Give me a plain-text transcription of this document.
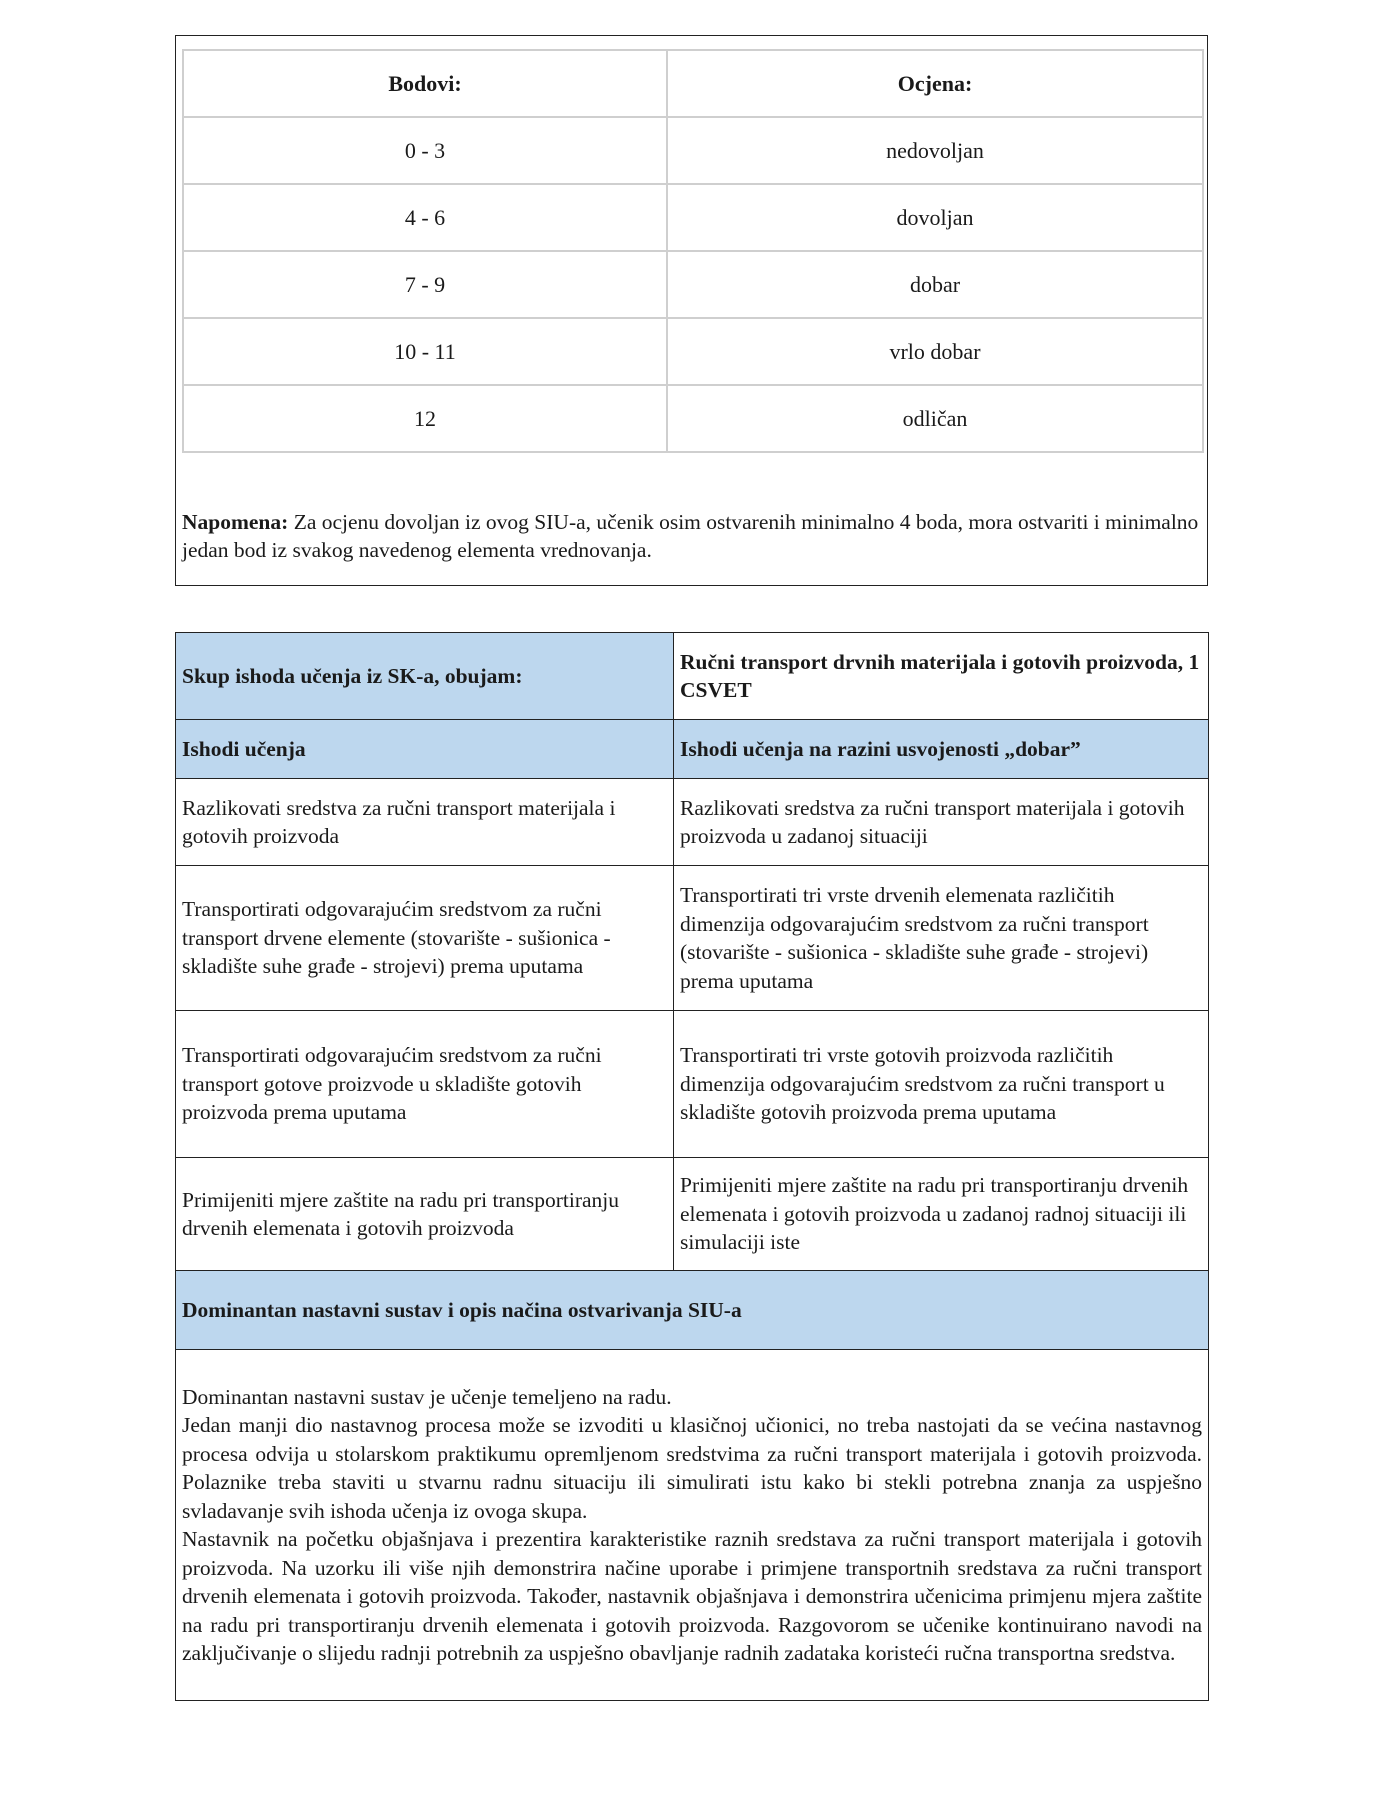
Bodovi:	Ocjena:
0 - 3	nedovoljan
4 - 6	dovoljan
7 - 9	dobar
10 - 11	vrlo dobar
12	odličan
Napomena: Za ocjenu dovoljan iz ovog SIU-a, učenik osim ostvarenih minimalno 4 boda, mora ostvariti i minimalno jedan bod iz svakog navedenog elementa vrednovanja.
Skup ishoda učenja iz SK-a, obujam:	Ručni transport drvnih materijala i gotovih proizvoda, 1 CSVET
Ishodi učenja	Ishodi učenja na razini usvojenosti „dobar”
Razlikovati sredstva za ručni transport materijala i gotovih proizvoda	Razlikovati sredstva za ručni transport materijala i gotovih proizvoda u zadanoj situaciji
Transportirati odgovarajućim sredstvom za ručni transport drvene elemente (stovarište - sušionica - skladište suhe građe - strojevi) prema uputama	Transportirati tri vrste drvenih elemenata različitih dimenzija odgovarajućim sredstvom za ručni transport (stovarište - sušionica - skladište suhe građe - strojevi) prema uputama
Transportirati odgovarajućim sredstvom za ručni transport gotove proizvode u skladište gotovih proizvoda prema uputama	Transportirati tri vrste gotovih proizvoda različitih dimenzija odgovarajućim sredstvom za ručni transport u skladište gotovih proizvoda prema uputama
Primijeniti mjere zaštite na radu pri transportiranju drvenih elemenata i gotovih proizvoda	Primijeniti mjere zaštite na radu pri transportiranju drvenih elemenata i gotovih proizvoda u zadanoj radnoj situaciji ili simulaciji iste
Dominantan nastavni sustav i opis načina ostvarivanja SIU-a	

Dominantan nastavni sustav je učenje temeljeno na radu.

Jedan manji dio nastavnog procesa može se izvoditi u klasičnoj učionici, no treba nastojati da se većina nastavnog procesa odvija u stolarskom praktikumu opremljenom sredstvima za ručni transport materijala i gotovih proizvoda. Polaznike treba staviti u stvarnu radnu situaciju ili simulirati istu kako bi stekli potrebna znanja za uspješno svladavanje svih ishoda učenja iz ovoga skupa.

Nastavnik na početku objašnjava i prezentira karakteristike raznih sredstava za ručni transport materijala i gotovih proizvoda. Na uzorku ili više njih demonstrira načine uporabe i primjene transportnih sredstava za ručni transport drvenih elemenata i gotovih proizvoda. Također, nastavnik objašnjava i demonstrira učenicima primjenu mjera zaštite na radu pri transportiranju drvenih elemenata i gotovih proizvoda. Razgovorom se učenike kontinuirano navodi na zaključivanje o slijedu radnji potrebnih za uspješno obavljanje radnih zadataka koristeći ručna transportna sredstva.	
